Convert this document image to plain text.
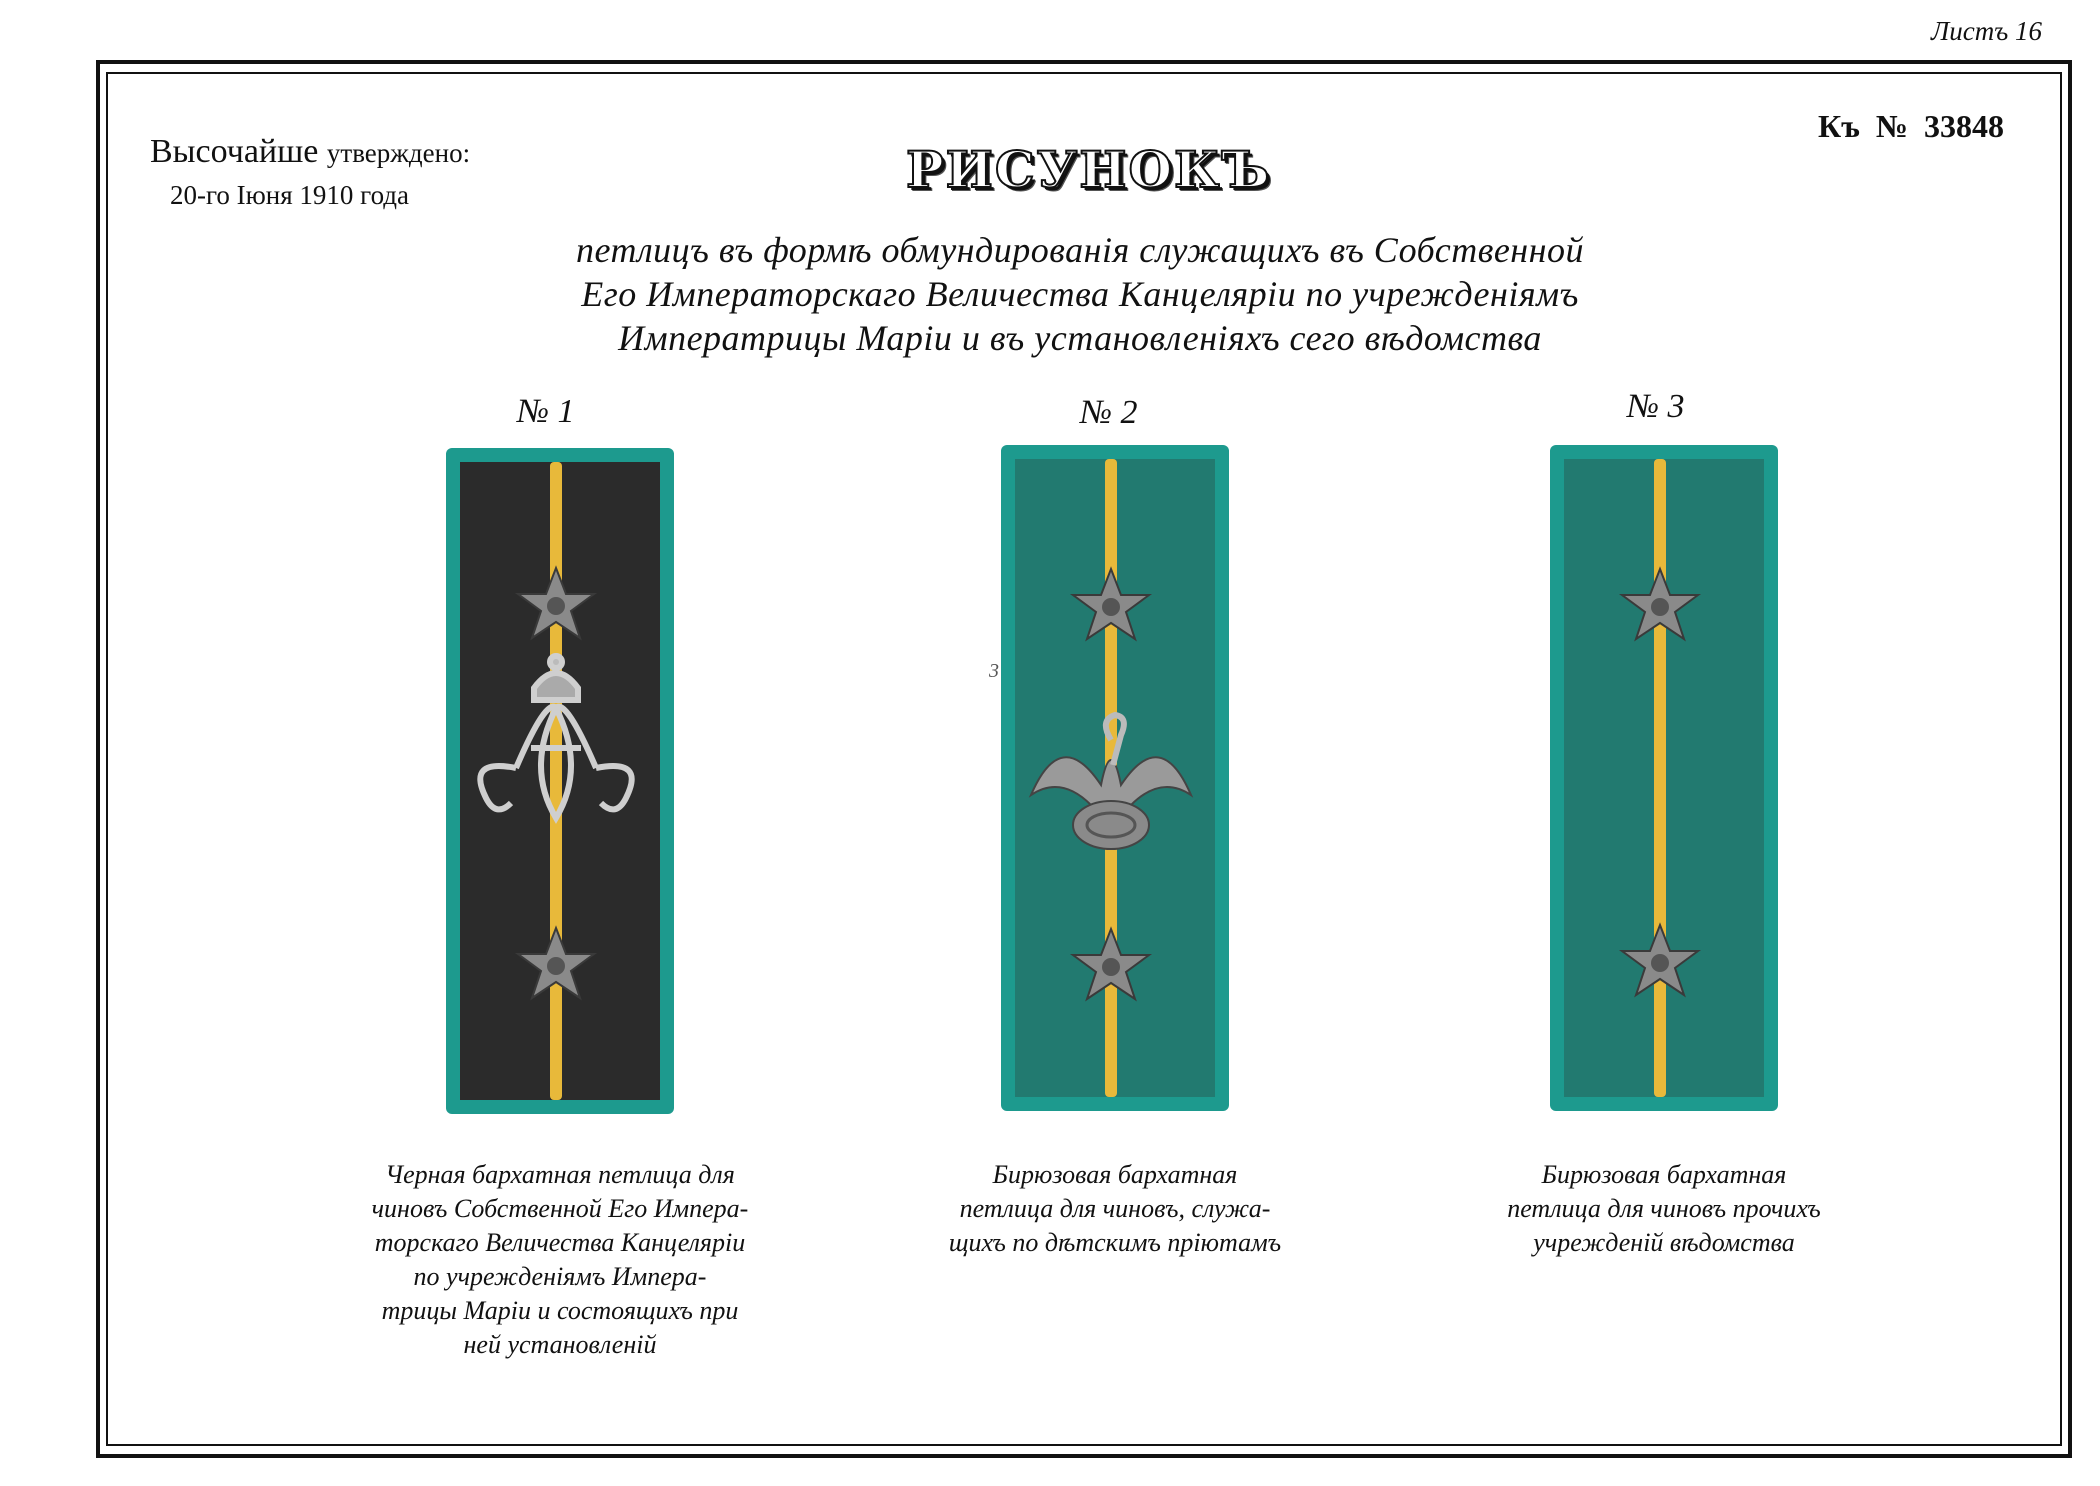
Листъ 16
Высочайше утверждено:
20-го Iюня 1910 года
Къ № 33848
РИСУНОКЪ
петлицъ въ формѣ обмундированiя служащихъ въ Собственной
Его Императорскаго Величества Канцелярiи по учрежденiямъ
Императрицы Марiи и въ установленiяхъ сего вѣдомства
3
№ 1
Черная бархатная петлица для
чиновъ Собственной Его Импера-
торскаго Величества Канцелярiи
по учрежденiямъ Импера-
трицы Марiи и состоящихъ при
ней установленiй
№ 2
Бирюзовая бархатная
петлица для чиновъ, служа-
щихъ по дѣтскимъ прiютамъ
№ 3
Бирюзовая бархатная
петлица для чиновъ прочихъ
учрежденiй вѣдомства
